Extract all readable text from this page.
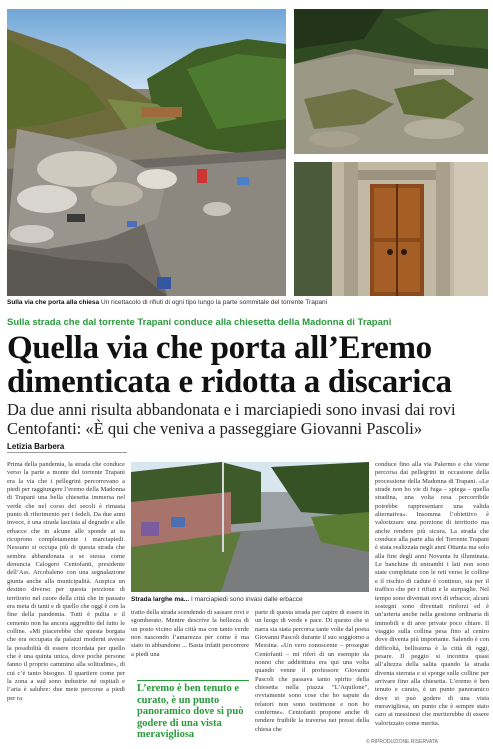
Sulla via che porta alla chiesa Un ricettacolo di rifiuti di ogni tipo lungo la parte sommitale del torrente Trapani
Sulla strada che dal torrente Trapani conduce alla chiesetta della Madonna di Trapani
Quella via che porta all’Eremo dimenticata e ridotta a discarica
Da due anni risulta abbandonata e i marciapiedi sono invasi dai rovi Centofanti: «È qui che veniva a passeggiare Giovanni Pascoli»
Letizia Barbera
Strada larghe ma... I marciapiedi sono invasi dalle erbacce
Prima della pandemia, la strada che conduce verso la parte a monte del torrente Trapani era la via che i pellegrini percorrevano a piedi per raggiungere l’eremo della Madonna di Trapani una bella chiesetta immersa nel verde che nel corso dei secoli è rimasta punto di riferimento per i fedeli. Da due anni invece, è una strada lasciata al degrado e alle erbacce che in alcune alle sponde ai sa ricoprono completamente i marciapiedi. Nessuno si occupa più di questa strada che sembra abbandonata a se stessa come denuncia Calogero Centofanti, presidente dell’Ass. Arcobaleno con una segnalazione giunta anche alla municipalità. Auspica un destino diverso per questa porzione di territorio nel cuore della città che in passato era meta di tanti e di quello che oggi è con la fine della pandemia. Tutti è pulita e il cemento non ha ancora aggredito del tutto le colline. «Mi piacerebbe che questa borgata che era occupata da palazzi moderni avesse la possibilità di essere ricordata per quello che è una quinta unica, dove poche persone fanno il proprio cammino alla solitudine», di cui c’è tanto bisogno. Il quartiere come per la zona a sud sono industrie né ospitali e l’aria è salubre: due mete percorse a piedi per ra
tratto della strada scendendo di sassare rovi e sgomberato. Mentre descrive la bellezza di un posto vicino alla città ma con tanto verde non nascondo l’amarezza per come è ma stato in abbandono ... Basta infatti percorrere a piedi una
parte di questa strada per capire di essere in un luogo di verde e pace. Di questo che si narra sia stata percorsa tante volte dal poeta Giovanni Pascoli durante il suo soggiorno a Messina. «Un vero conoscente – prosegue Centofanti – mi riferì di un esempio da nonno che addirittura era qui una volta quando venne il professore Giovanni Pascoli che passava tanto spirito della chiesetta nella piazza “L’Aquilone”, ovviamente sono cose che ho sapute da relatori non sono testimone e non ho conferme». Centofanti propone anche di rendere fruibile la traversa nei pressi della chiesa che
conduce fino alla via Palermo e che viene percorsa dai pellegrini in occasione della processione della Madonna di Trapani. «Le strade non ho vie di fuga – spiega – quella stradina, una volta resa percorribile potrebbe rappresentare una valida alternativa». Insomma l’obiettivo è valorizzare una porzione di territorio ma anche rendere più sicura. La strada che conduce alla parte alta del Torrente Trapani è stata realizzata negli anni Ottanta ma solo alla fine degli anni Novanta fu illuminata. Le banchine di entrambi i lati non sono state completate con le reti verso le colline e il rischio di cadute è continuo, sia per il traffico che per i rifiuti e le sterpaglie. Nel tempo sono diventati rovi di erbacce, alcuni sostegni sono diventati rinforzi ed è un’arteria anche nella gestione ordinaria di immobili e di aree private poco chiare. Il viaggio sulla collina pesa fino al centro dove diventa più importante. Salendo è con difficoltà, bellissima è la città di oggi, pesare. Il peggio si incontra quasi all’altezza della salita quando la strada diventa sterrata e si sporge sulle colline per arrivare fino alla chiesetta. L’eremo è ben tenuto e curato, è un punto panoramico dove si può godere di una vista meravigliosa, un punto che è sempre stato caro ai messinesi che meriterebbe di essere valorizzato come merita.
L’eremo è ben tenuto e curato, è un punto panoramico dove si può godere di una vista meravigliosa
© RIPRODUZIONE RISERVATA
